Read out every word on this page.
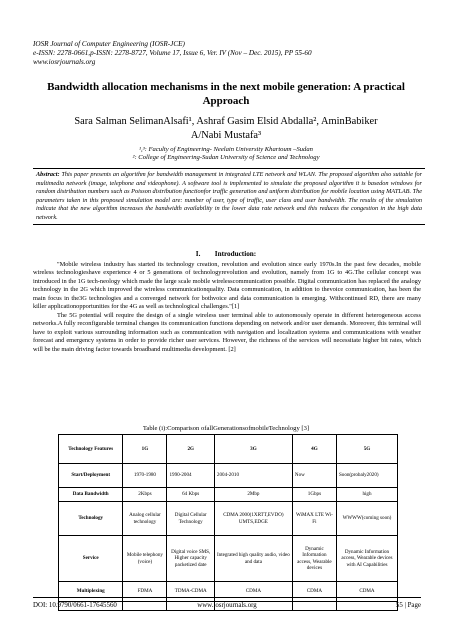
IOSR Journal of Computer Engineering (IOSR-JCE)
e-ISSN: 2278-0661,p-ISSN: 2278-8727, Volume 17, Issue 6, Ver. IV (Nov – Dec. 2015), PP 55-60
www.iosrjournals.org
Bandwidth allocation mechanisms in the next mobile generation: A practical Approach
Sara Salman SelimanAlsafi¹, Ashraf Gasim Elsid Abdalla², AminBabiker
A/Nabi Mustafa³
¹,³: Faculty of Engineering- Neelain University Khartoum –Sudan
²: College of Engineering-Sudan University of Science and Technology
Abstract: This paper presents an algorithm for bandwidth management in integrated LTE network and WLAN. The proposed algorithm also suitable for multimedia network (image, telephone and videophone). A software tool is implemented to simulate the proposed algorithm it is basedon windows for random distribution numbers such as Poisson distribution functionfor traffic generation and uniform distribution for mobile location using MATLAB. The parameters taken in this proposed simulation model are: number of user, type of traffic, user class and user bandwidth. The results of the simulation indicate that the new algorithm increases the bandwidth availability in the lower data rate network and this reduces the congestion in the high data network.
I. Introduction:

"Mobile wireless industry has started its technology creation, revolution and evolution since early 1970s.In the past few decades, mobile wireless technologieshave experience 4 or 5 generations of technologyrevolution and evolution, namely from 1G to 4G.The cellular concept was introduced in the 1G tech-neology which made the large scale mobile wirelesscommunication possible. Digital communication has replaced the analogy technology in the 2G which improved the wireless communicationquality. Data communication, in addition to thevoice communication, has been the main focus in the3G technologies and a converged network for bothvoice and data communication is emerging. Withcontinued RD, there are many killer applicationopportunities for the 4G as well as technological challenges."[1]

The 5G potential will require the design of a single wireless user terminal able to autonomously operate in different heterogeneous access networks.A fully reconfigurable terminal changes its communication functions depending on network and/or user demands. Moreover, this terminal will have to exploit various surrounding information such as communication with navigation and localization systems and communications with weather forecast and emergency systems in order to provide richer user services. However, the richness of the services will necessitate higher bit rates, which will be the main driving factor towards broadband multimedia development. [2]

Table (i):Comparison ofallGenerationsofmobileTechnology [3]
Technology Features	1G	2G	3G	4G	5G
Start/Deployment	1970-1980	1990-2004	2004-2010	Now	Soon(probaly2020)
Data Bandwidth	2Kbps	64 Kbps	2Mbp	1Gbps	high
Technology	Analog cellular technology	Digital Cellular Technology	CDMA 2000(1XRTT,EVDO) UMTS,EDGE	WiMAX LTE Wi-Fi	WWWW(coming soon)
Service	Mobile telephony (voice)	Digital voice SMS, Higher capacity packetized date	Integrated high quality audio, video and data	Dynamic Information access, Wearable devices	Dynamic Information access, Wearable devices with AI Capabilities
Multiplexing	FDMA	TDMA-CDMA	CDMA	CDMA	CDMA

DOI: 10.9790/0661-17645560	www.iosrjournals.org	55 | Page
